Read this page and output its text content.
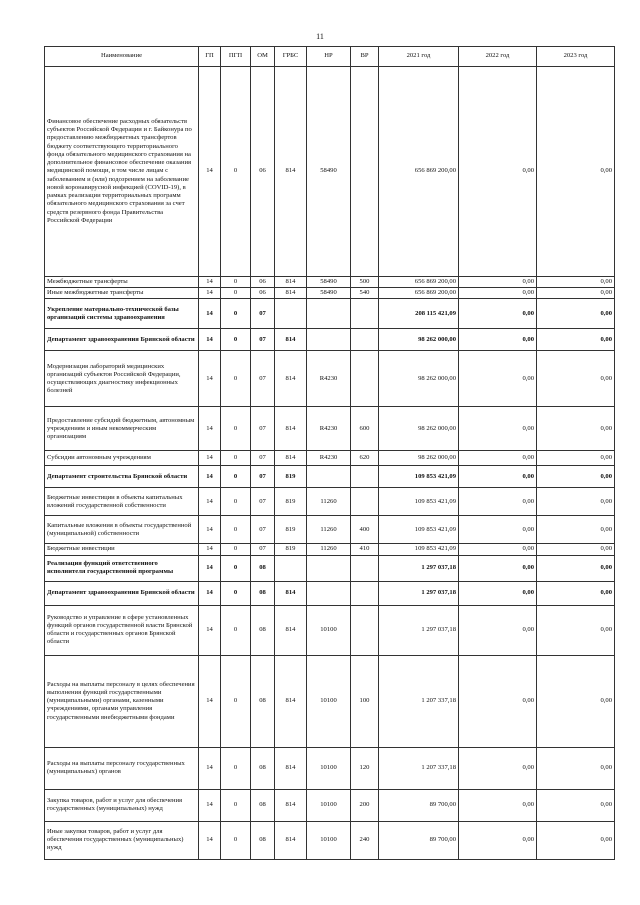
11
Наименование	ГП	ПГП	ОМ	ГРБС	НР	ВР	2021 год	2022 год	2023 год
Финансовое обеспечение расходных обязательств субъектов Российской Федерации и г. Байконура по предоставлению межбюджетных трансфертов бюджету соответствующего территориального фонда обязательного медицинского страхования на дополнительное финансовое обеспечение оказания медицинской помощи, в том числе лицам с заболеванием и (или) подозрением на заболевание новой коронавирусной инфекцией (COVID-19), в рамках реализации территориальных программ обязательного медицинского страхования за счет средств резервного фонда Правительства Российской Федерации	14	0	06	814	58490		656 869 200,00	0,00	0,00
Межбюджетные трансферты	14	0	06	814	58490	500	656 869 200,00	0,00	0,00
Иные межбюджетные трансферты	14	0	06	814	58490	540	656 869 200,00	0,00	0,00
Укрепление материально-технической базы организаций системы здравоохранения	14	0	07				208 115 421,09	0,00	0,00
Департамент здравоохранения Брянской области	14	0	07	814			98 262 000,00	0,00	0,00
Модернизация лабораторий медицинских организаций субъектов Российской Федерации, осуществляющих диагностику инфекционных болезней	14	0	07	814	R4230		98 262 000,00	0,00	0,00
Предоставление субсидий бюджетным, автономным учреждениям и иным некоммерческим организациям	14	0	07	814	R4230	600	98 262 000,00	0,00	0,00
Субсидии автономным учреждениям	14	0	07	814	R4230	620	98 262 000,00	0,00	0,00
Департамент строительства Брянской области	14	0	07	819			109 853 421,09	0,00	0,00
Бюджетные инвестиции в объекты капитальных вложений государственной собственности	14	0	07	819	11260		109 853 421,09	0,00	0,00
Капитальные вложения в объекты государственной (муниципальной) собственности	14	0	07	819	11260	400	109 853 421,09	0,00	0,00
Бюджетные инвестиции	14	0	07	819	11260	410	109 853 421,09	0,00	0,00
Реализация функций ответственного исполнителя государственной программы	14	0	08				1 297 037,18	0,00	0,00
Департамент здравоохранения Брянской области	14	0	08	814			1 297 037,18	0,00	0,00
Руководство и управление в сфере установленных функций органов государственной власти Брянской области и государственных органов Брянской области	14	0	08	814	10100		1 297 037,18	0,00	0,00
Расходы на выплаты персоналу в целях обеспечения выполнения функций государственными (муниципальными) органами, казенными учреждениями, органами управления государственными внебюджетными фондами	14	0	08	814	10100	100	1 207 337,18	0,00	0,00
Расходы на выплаты персоналу государственных (муниципальных) органов	14	0	08	814	10100	120	1 207 337,18	0,00	0,00
Закупка товаров, работ и услуг для обеспечения государственных (муниципальных) нужд	14	0	08	814	10100	200	89 700,00	0,00	0,00
Иные закупки товаров, работ и услуг для обеспечения государственных (муниципальных) нужд	14	0	08	814	10100	240	89 700,00	0,00	0,00
